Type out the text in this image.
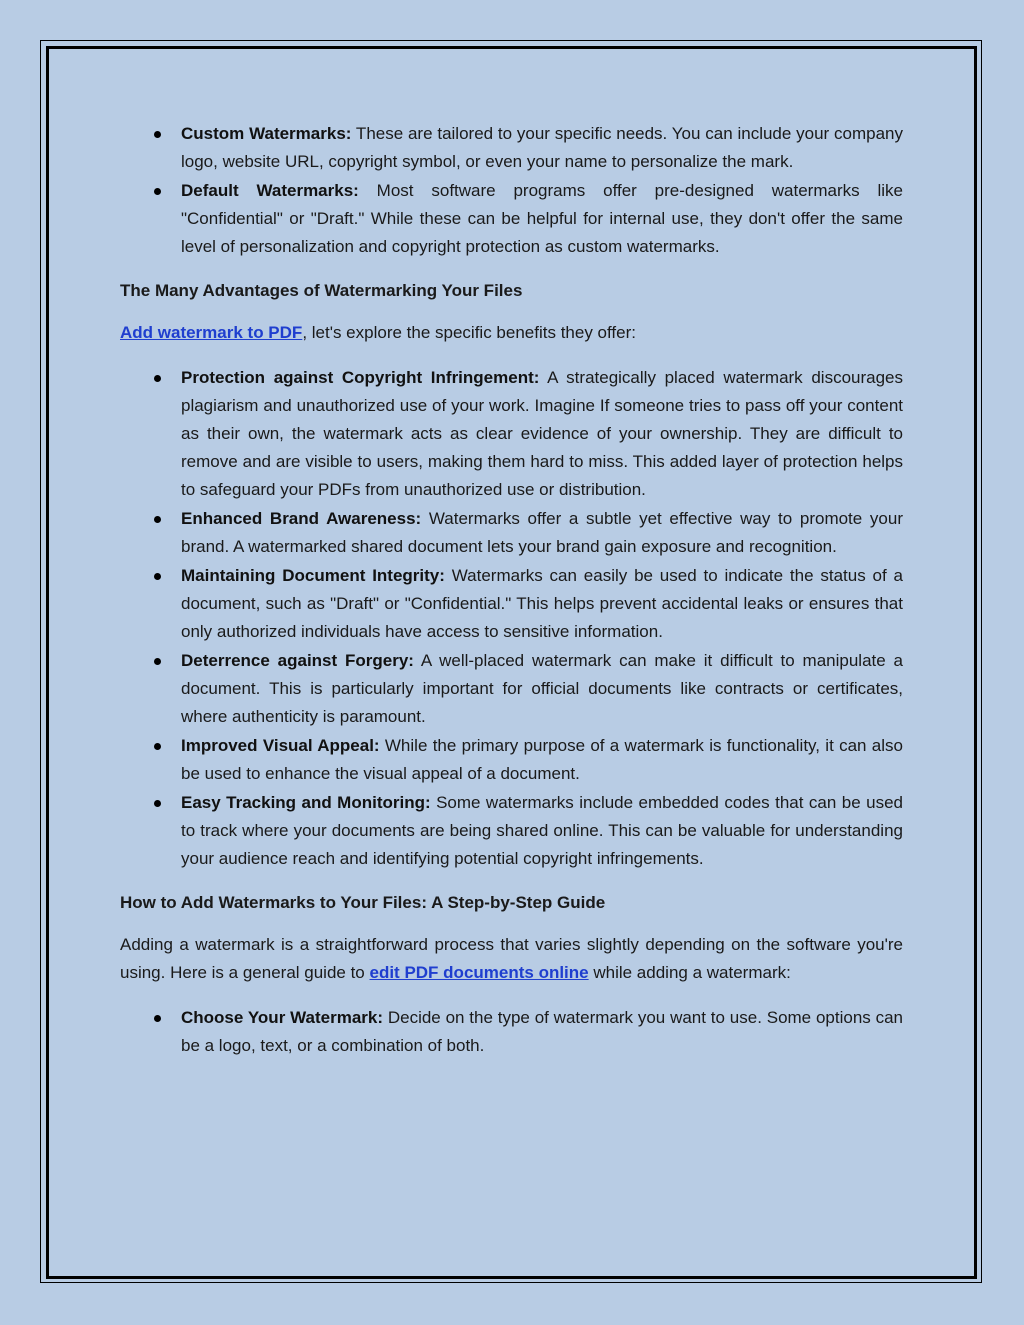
Custom Watermarks: These are tailored to your specific needs. You can include your company logo, website URL, copyright symbol, or even your name to personalize the mark.
Default Watermarks: Most software programs offer pre-designed watermarks like "Confidential" or "Draft." While these can be helpful for internal use, they don't offer the same level of personalization and copyright protection as custom watermarks.
The Many Advantages of Watermarking Your Files

Add watermark to PDF, let's explore the specific benefits they offer:

Protection against Copyright Infringement: A strategically placed watermark discourages plagiarism and unauthorized use of your work. Imagine If someone tries to pass off your content as their own, the watermark acts as clear evidence of your ownership. They are difficult to remove and are visible to users, making them hard to miss. This added layer of protection helps to safeguard your PDFs from unauthorized use or distribution.
Enhanced Brand Awareness: Watermarks offer a subtle yet effective way to promote your brand. A watermarked shared document lets your brand gain exposure and recognition.
Maintaining Document Integrity: Watermarks can easily be used to indicate the status of a document, such as "Draft" or "Confidential." This helps prevent accidental leaks or ensures that only authorized individuals have access to sensitive information.
Deterrence against Forgery: A well-placed watermark can make it difficult to manipulate a document. This is particularly important for official documents like contracts or certificates, where authenticity is paramount.
Improved Visual Appeal: While the primary purpose of a watermark is functionality, it can also be used to enhance the visual appeal of a document.
Easy Tracking and Monitoring: Some watermarks include embedded codes that can be used to track where your documents are being shared online. This can be valuable for understanding your audience reach and identifying potential copyright infringements.
How to Add Watermarks to Your Files: A Step-by-Step Guide

Adding a watermark is a straightforward process that varies slightly depending on the software you're using. Here is a general guide to edit PDF documents online while adding a watermark:

Choose Your Watermark: Decide on the type of watermark you want to use. Some options can be a logo, text, or a combination of both.
